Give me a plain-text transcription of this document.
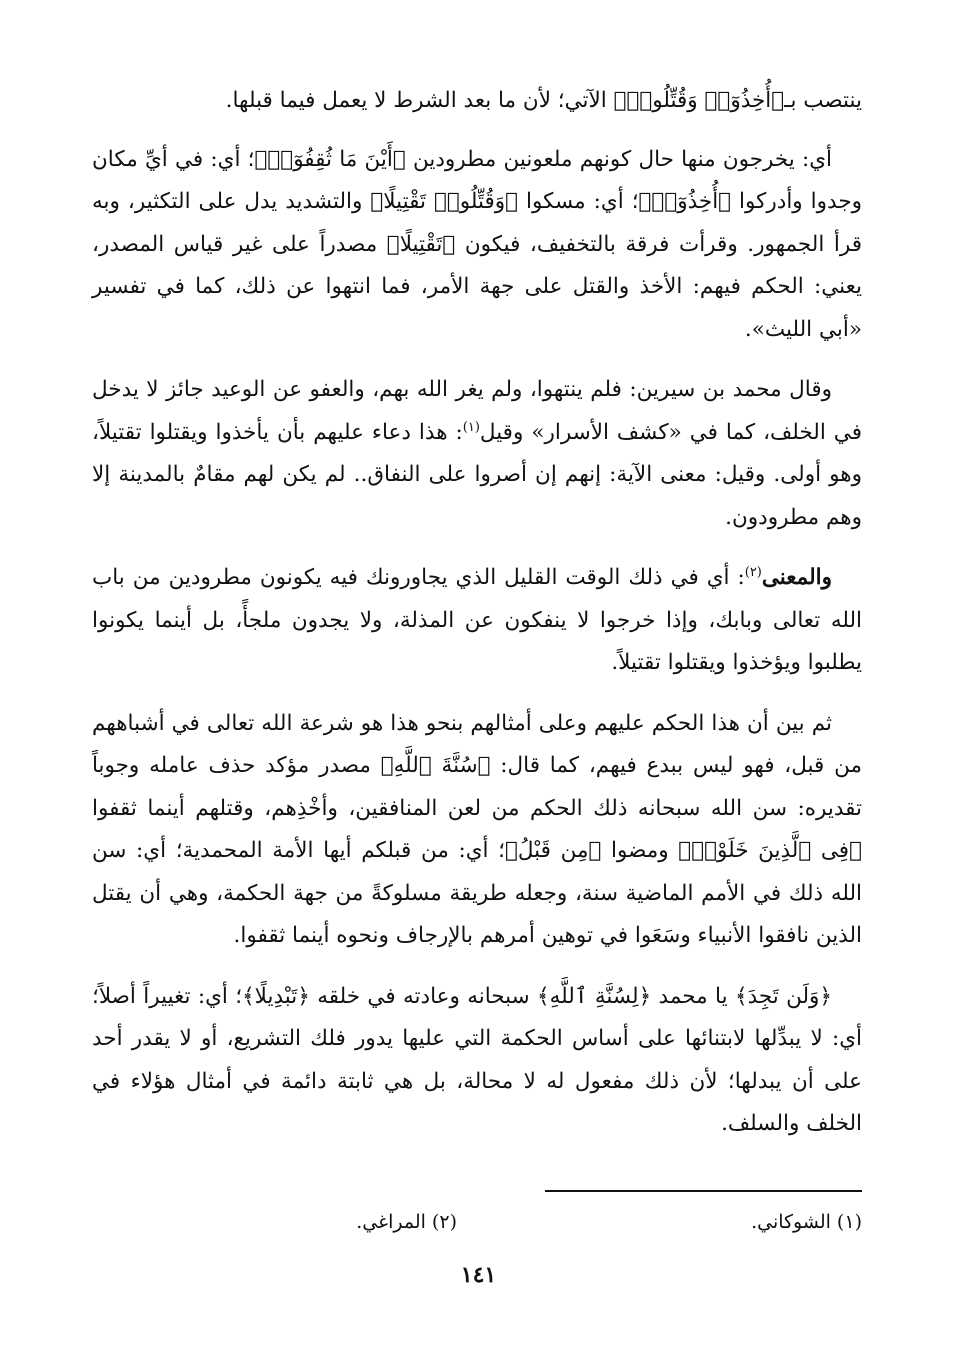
ينتصب بـ﴿أُخِذُوٓا۟ وَقُتِّلُوا۟﴾ الآتي؛ لأن ما بعد الشرط لا يعمل فيما قبلها.

أي: يخرجون منها حال كونهم ملعونين مطرودين ﴿أَيْنَ مَا ثُقِفُوٓا۟﴾؛ أي: في أيِّ مكان وجدوا وأدركوا ﴿أُخِذُوٓا۟﴾؛ أي: مسكوا ﴿وَقُتِّلُوا۟ تَقْتِيلًا﴾ والتشديد يدل على التكثير، وبه قرأ الجمهور. وقرأت فرقة بالتخفيف، فيكون ﴿تَقْتِيلًا﴾ مصدراً على غير قياس المصدر، يعني: الحكم فيهم: الأخذ والقتل على جهة الأمر، فما انتهوا عن ذلك، كما في تفسير «أبي الليث».

وقال محمد بن سيرين: فلم ينتهوا، ولم يغر الله بهم، والعفو عن الوعيد جائز لا يدخل في الخلف، كما في «كشف الأسرار» وقيل$^{(١)}$: هذا دعاء عليهم بأن يأخذوا ويقتلوا تقتيلاً، وهو أولى. وقيل: معنى الآية: إنهم إن أصروا على النفاق.. لم يكن لهم مقامٌ بالمدينة إلا وهم مطرودون.

والمعنى$^{(٢)}$: أي في ذلك الوقت القليل الذي يجاورونك فيه يكونون مطرودين من باب الله تعالى وبابك، وإذا خرجوا لا ينفكون عن المذلة، ولا يجدون ملجأً، بل أينما يكونوا يطلبوا ويؤخذوا ويقتلوا تقتيلاً.

ثم بين أن هذا الحكم عليهم وعلى أمثالهم بنحو هذا هو شرعة الله تعالى في أشباههم من قبل، فهو ليس ببدع فيهم، كما قال: ﴿سُنَّةَ ٱللَّهِ﴾ مصدر مؤكد حذف عامله وجوباً تقديره: سن الله سبحانه ذلك الحكم من لعن المنافقين، وأخْذِهم، وقتلهم أينما ثقفوا ﴿فِى ٱلَّذِينَ خَلَوْا۟﴾ ومضوا ﴿مِن قَبْلُ﴾؛ أي: من قبلكم أيها الأمة المحمدية؛ أي: سن الله ذلك في الأمم الماضية سنة، وجعله طريقة مسلوكةً من جهة الحكمة، وهي أن يقتل الذين نافقوا الأنبياء وسَعَوا في توهين أمرهم بالإرجاف ونحوه أينما ثقفوا.

﴿وَلَن تَجِدَ﴾ يا محمد ﴿لِسُنَّةِ ٱللَّهِ﴾ سبحانه وعادته في خلقه ﴿تَبْدِيلًا﴾؛ أي: تغييراً أصلاً؛ أي: لا يبدِّلها لابتنائها على أساس الحكمة التي عليها يدور فلك التشريع، أو لا يقدر أحد على أن يبدلها؛ لأن ذلك مفعول له لا محالة، بل هي ثابتة دائمة في أمثال هؤلاء في الخلف والسلف.

(١) الشوكاني.
(٢) المراغي.
١٤١
